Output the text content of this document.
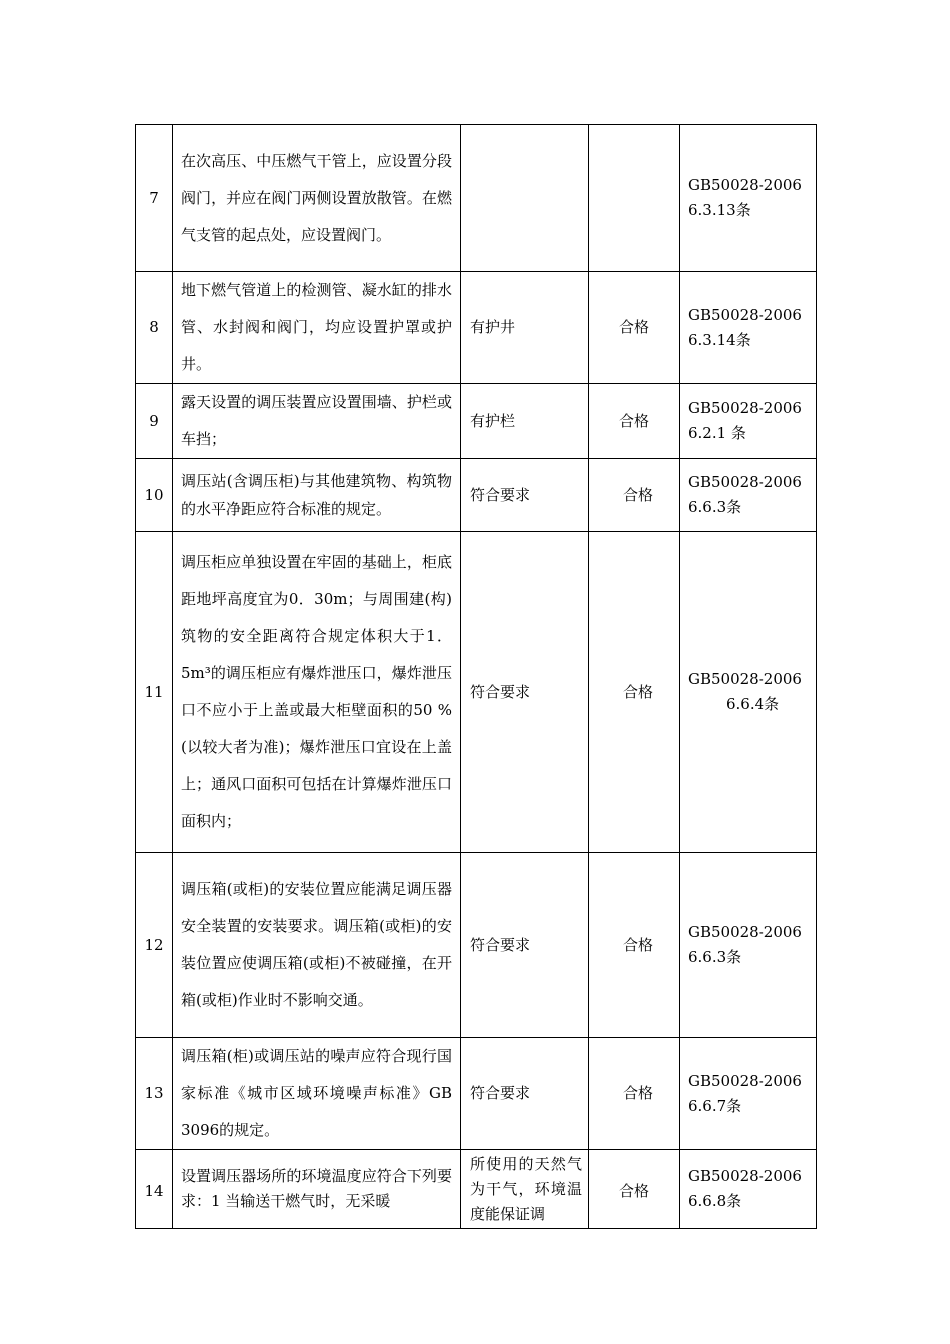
7	在次高压、中压燃气干管上，应设置分段阀门，并应在阀门两侧设置放散管。在燃气支管的起点处，应设置阀门。			GB50028-2006
6.3.13条
8	地下燃气管道上的检测管、凝水缸的排水管、水封阀和阀门，均应设置护罩或护井。	有护井	合格	GB50028-2006
6.3.14条
9	露天设置的调压装置应设置围墙、护栏或车挡；	有护栏	合格	GB50028-2006
6.2.1 条
10	调压站(含调压柜)与其他建筑物、构筑物的水平净距应符合标准的规定。	符合要求	合格	GB50028-2006
6.6.3条
11	调压柜应单独设置在牢固的基础上，柜底距地坪高度宜为0．30m；与周围建(构)筑物的安全距离符合规定体积大于1．5m³的调压柜应有爆炸泄压口，爆炸泄压口不应小于上盖或最大柜壁面积的50 %(以较大者为准)；爆炸泄压口宜设在上盖上；通风口面积可包括在计算爆炸泄压口面积内；	符合要求	合格	GB50028-2006
6.6.4条
12	调压箱(或柜)的安装位置应能满足调压器安全装置的安装要求。调压箱(或柜)的安装位置应使调压箱(或柜)不被碰撞，在开箱(或柜)作业时不影响交通。	符合要求	合格	GB50028-2006
6.6.3条
13	调压箱(柜)或调压站的噪声应符合现行国家标准《城市区域环境噪声标准》GB 3096的规定。	符合要求	合格	GB50028-2006
6.6.7条
14	设置调压器场所的环境温度应符合下列要求：1 当输送干燃气时，无采暖	所使用的天然气为干气，环境温度能保证调	合格	GB50028-2006
6.6.8条
